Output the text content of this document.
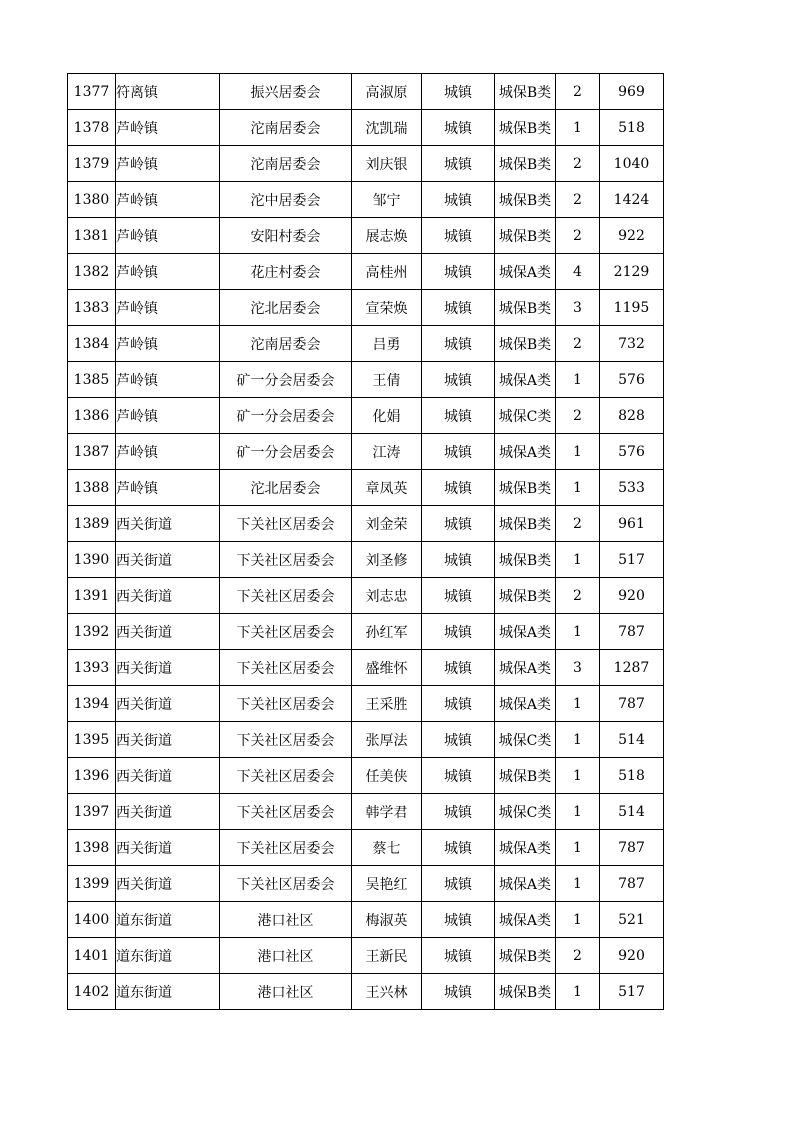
1377	符离镇	振兴居委会	高淑原	城镇	城保B类	2	969
1378	芦岭镇	沱南居委会	沈凯瑞	城镇	城保B类	1	518
1379	芦岭镇	沱南居委会	刘庆银	城镇	城保B类	2	1040
1380	芦岭镇	沱中居委会	邹宁	城镇	城保B类	2	1424
1381	芦岭镇	安阳村委会	展志焕	城镇	城保B类	2	922
1382	芦岭镇	花庄村委会	高桂州	城镇	城保A类	4	2129
1383	芦岭镇	沱北居委会	宣荣焕	城镇	城保B类	3	1195
1384	芦岭镇	沱南居委会	吕勇	城镇	城保B类	2	732
1385	芦岭镇	矿一分会居委会	王倩	城镇	城保A类	1	576
1386	芦岭镇	矿一分会居委会	化娟	城镇	城保C类	2	828
1387	芦岭镇	矿一分会居委会	江涛	城镇	城保A类	1	576
1388	芦岭镇	沱北居委会	章凤英	城镇	城保B类	1	533
1389	西关街道	下关社区居委会	刘金荣	城镇	城保B类	2	961
1390	西关街道	下关社区居委会	刘圣修	城镇	城保B类	1	517
1391	西关街道	下关社区居委会	刘志忠	城镇	城保B类	2	920
1392	西关街道	下关社区居委会	孙红军	城镇	城保A类	1	787
1393	西关街道	下关社区居委会	盛维怀	城镇	城保A类	3	1287
1394	西关街道	下关社区居委会	王采胜	城镇	城保A类	1	787
1395	西关街道	下关社区居委会	张厚法	城镇	城保C类	1	514
1396	西关街道	下关社区居委会	任美侠	城镇	城保B类	1	518
1397	西关街道	下关社区居委会	韩学君	城镇	城保C类	1	514
1398	西关街道	下关社区居委会	蔡七	城镇	城保A类	1	787
1399	西关街道	下关社区居委会	吴艳红	城镇	城保A类	1	787
1400	道东街道	港口社区	梅淑英	城镇	城保A类	1	521
1401	道东街道	港口社区	王新民	城镇	城保B类	2	920
1402	道东街道	港口社区	王兴林	城镇	城保B类	1	517
